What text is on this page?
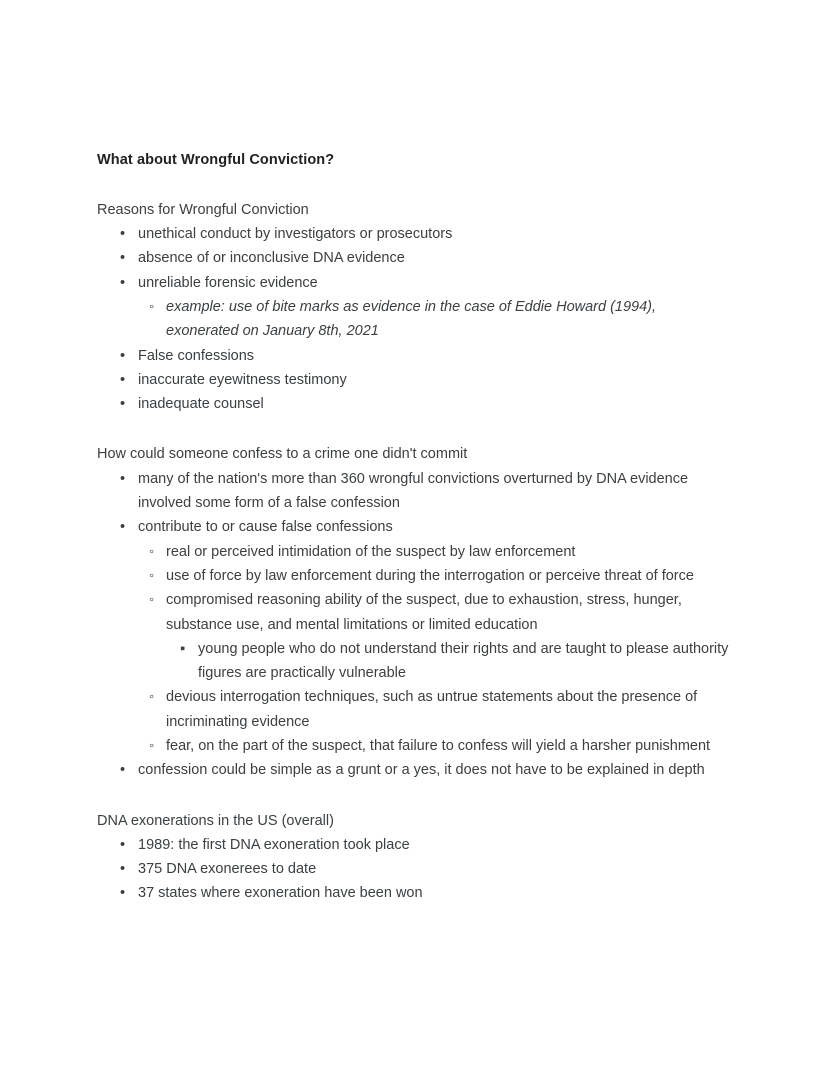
What about Wrongful Conviction?

Reasons for Wrongful Conviction

• unethical conduct by investigators or prosecutors
• absence of or inconclusive DNA evidence
• unreliable forensic evidence
◦ example: use of bite marks as evidence in the case of Eddie Howard (1994), exonerated on January 8th, 2021
• False confessions
• inaccurate eyewitness testimony
• inadequate counsel

How could someone confess to a crime one didn't commit

• many of the nation's more than 360 wrongful convictions overturned by DNA evidence involved some form of a false confession
• contribute to or cause false confessions
◦ real or perceived intimidation of the suspect by law enforcement
◦ use of force by law enforcement during the interrogation or perceive threat of force
◦ compromised reasoning ability of the suspect, due to exhaustion, stress, hunger, substance use, and mental limitations or limited education
▪ young people who do not understand their rights and are taught to please authority figures are practically vulnerable
◦ devious interrogation techniques, such as untrue statements about the presence of incriminating evidence
◦ fear, on the part of the suspect, that failure to confess will yield a harsher punishment
• confession could be simple as a grunt or a yes, it does not have to be explained in depth

DNA exonerations in the US (overall)

• 1989: the first DNA exoneration took place
• 375 DNA exonerees to date
• 37 states where exoneration have been won
